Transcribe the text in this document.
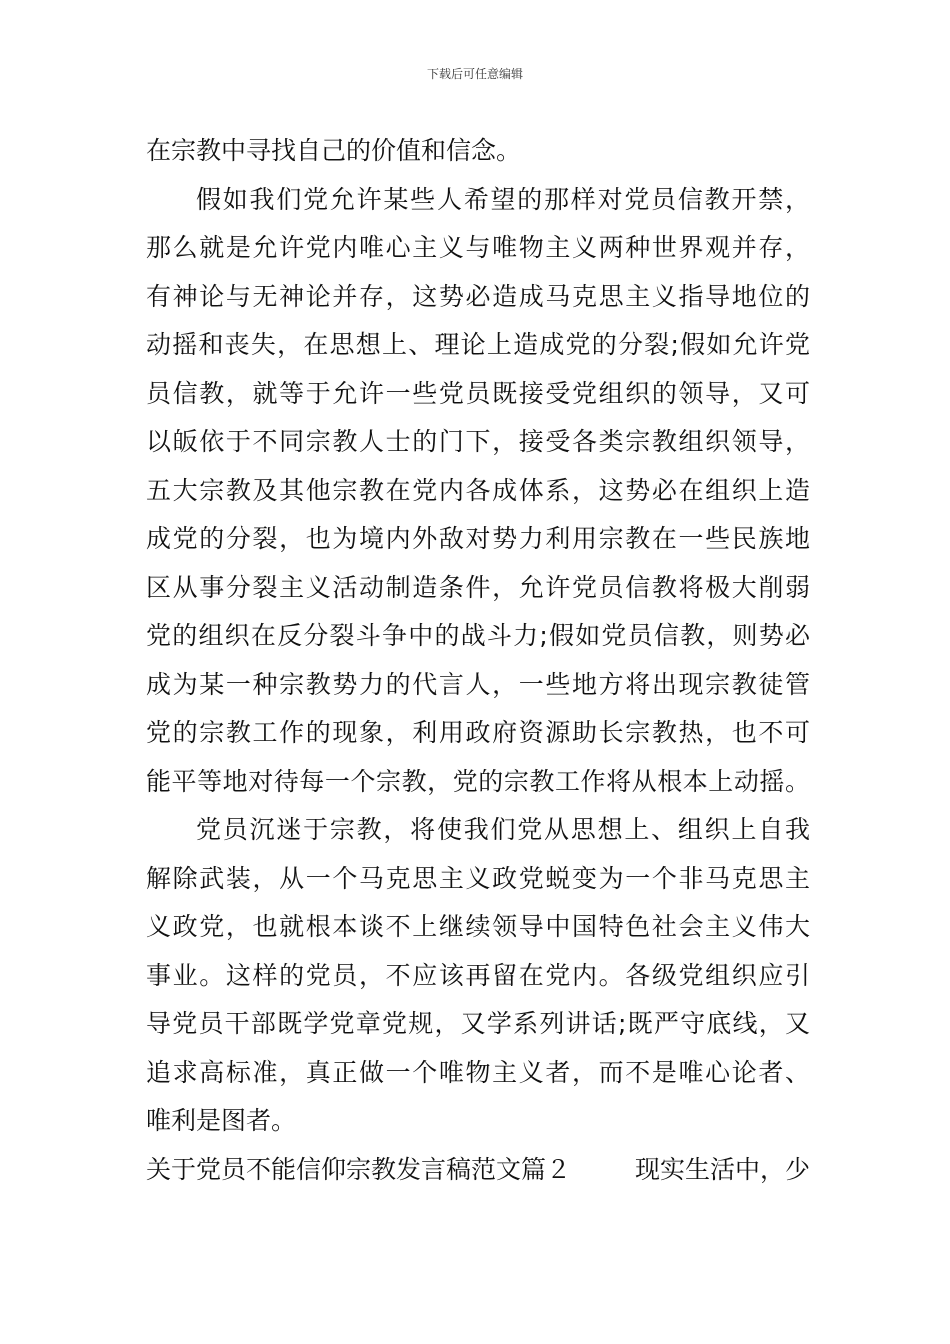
下载后可任意编辑
在宗教中寻找自己的价值和信念。
假如我们党允许某些人希望的那样对党员信教开禁，
那么就是允许党内唯心主义与唯物主义两种世界观并存，
有神论与无神论并存，这势必造成马克思主义指导地位的
动摇和丧失，在思想上、理论上造成党的分裂;假如允许党
员信教，就等于允许一些党员既接受党组织的领导，又可
以皈依于不同宗教人士的门下，接受各类宗教组织领导，
五大宗教及其他宗教在党内各成体系，这势必在组织上造
成党的分裂，也为境内外敌对势力利用宗教在一些民族地
区从事分裂主义活动制造条件，允许党员信教将极大削弱
党的组织在反分裂斗争中的战斗力;假如党员信教，则势必
成为某一种宗教势力的代言人，一些地方将出现宗教徒管
党的宗教工作的现象，利用政府资源助长宗教热，也不可
能平等地对待每一个宗教，党的宗教工作将从根本上动摇。
党员沉迷于宗教，将使我们党从思想上、组织上自我
解除武装，从一个马克思主义政党蜕变为一个非马克思主
义政党，也就根本谈不上继续领导中国特色社会主义伟大
事业。这样的党员，不应该再留在党内。各级党组织应引
导党员干部既学党章党规，又学系列讲话;既严守底线，又
追求高标准，真正做一个唯物主义者，而不是唯心论者、
唯利是图者。
关于党员不能信仰宗教发言稿范文篇２	现实生活中，少
